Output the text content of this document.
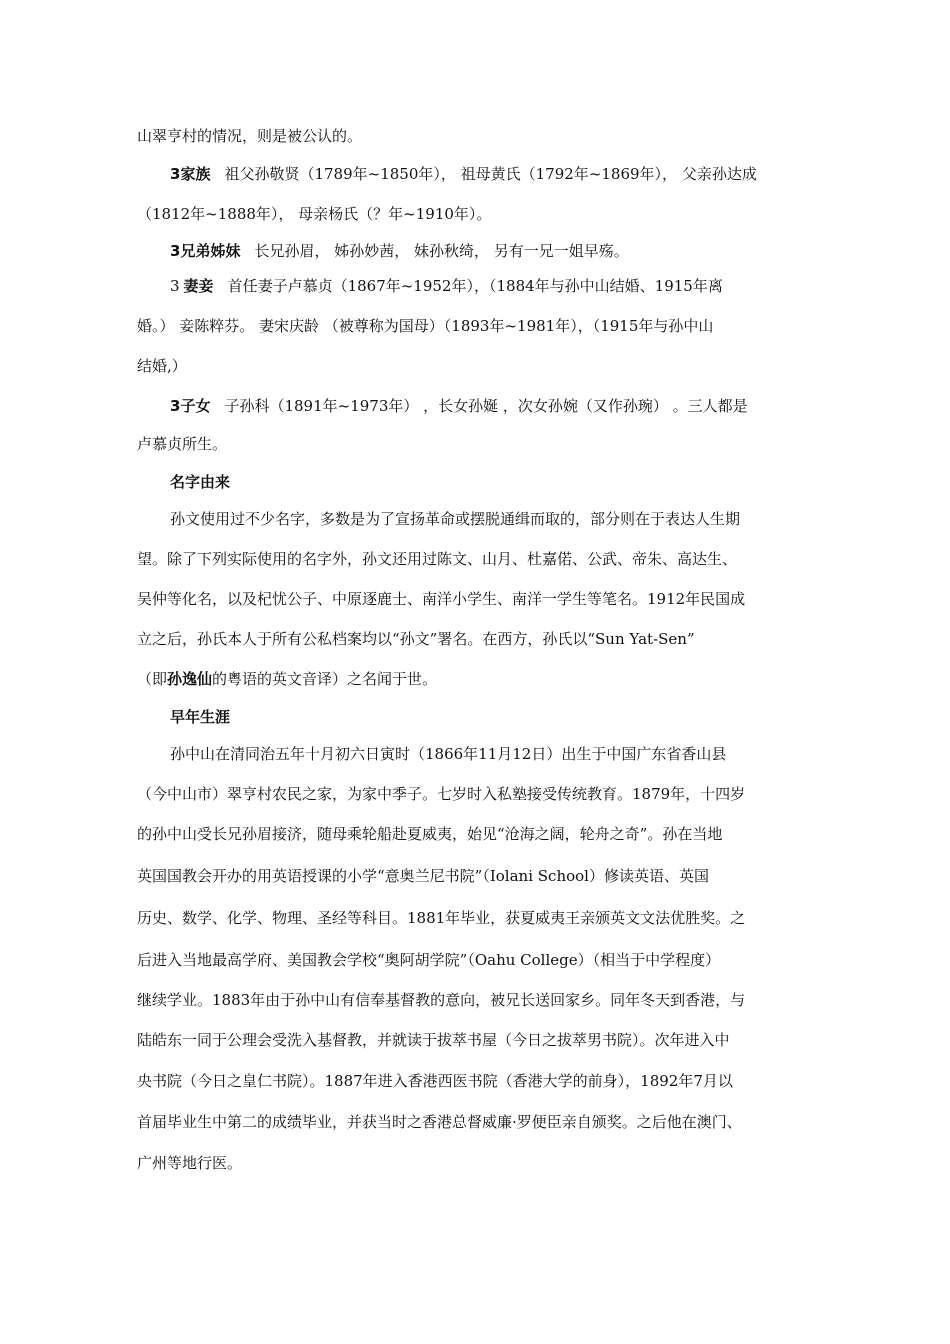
山翠亨村的情况，则是被公认的。
3家族 祖父孙敬贤（1789年~1850年）， 祖母黄氏（1792年~1869年）， 父亲孙达成
（1812年~1888年）， 母亲杨氏（？年~1910年）。
3兄弟姊妹 长兄孙眉， 姊孙妙茜， 妹孙秋绮， 另有一兄一姐早殇。
3 妻妾 首任妻子卢慕贞（1867年~1952年），（1884年与孙中山结婚、1915年离
婚。） 妾陈粹芬。 妻宋庆龄 （被尊称为国母）（1893年~1981年），（1915年与孙中山
结婚,）
3子女 子孙科（1891年~1973年） ，长女孙娫 ，次女孙婉（又作孙琬） 。三人都是
卢慕贞所生。
名字由来
孙文使用过不少名字，多数是为了宣扬革命或摆脱通缉而取的，部分则在于表达人生期
望。除了下列实际使用的名字外，孙文还用过陈文、山月、杜嘉偌、公武、帝朱、高达生、
吴仲等化名，以及杞忧公子、中原逐鹿士、南洋小学生、南洋一学生等笔名。1912年民国成
立之后，孙氏本人于所有公私档案均以“孙文”署名。在西方，孙氏以“Sun Yat-Sen”
（即孙逸仙的粤语的英文音译）之名闻于世。
早年生涯
孙中山在清同治五年十月初六日寅时（1866年11月12日）出生于中国广东省香山县
（今中山市）翠亨村农民之家，为家中季子。七岁时入私塾接受传统教育。1879年，十四岁
的孙中山受长兄孙眉接济，随母乘轮船赴夏威夷，始见“沧海之阔，轮舟之奇”。孙在当地
英国国教会开办的用英语授课的小学“意奥兰尼书院”（Iolani School）修读英语、英国
历史、数学、化学、物理、圣经等科目。1881年毕业，获夏威夷王亲颁英文文法优胜奖。之
后进入当地最高学府、美国教会学校“奥阿胡学院”（Oahu College）（相当于中学程度）
继续学业。1883年由于孙中山有信奉基督教的意向，被兄长送回家乡。同年冬天到香港，与
陆皓东一同于公理会受洗入基督教，并就读于拔萃书屋（今日之拔萃男书院）。次年进入中
央书院（今日之皇仁书院）。1887年进入香港西医书院（香港大学的前身），1892年7月以
首届毕业生中第二的成绩毕业，并获当时之香港总督威廉·罗便臣亲自颁奖。之后他在澳门、
广州等地行医。
